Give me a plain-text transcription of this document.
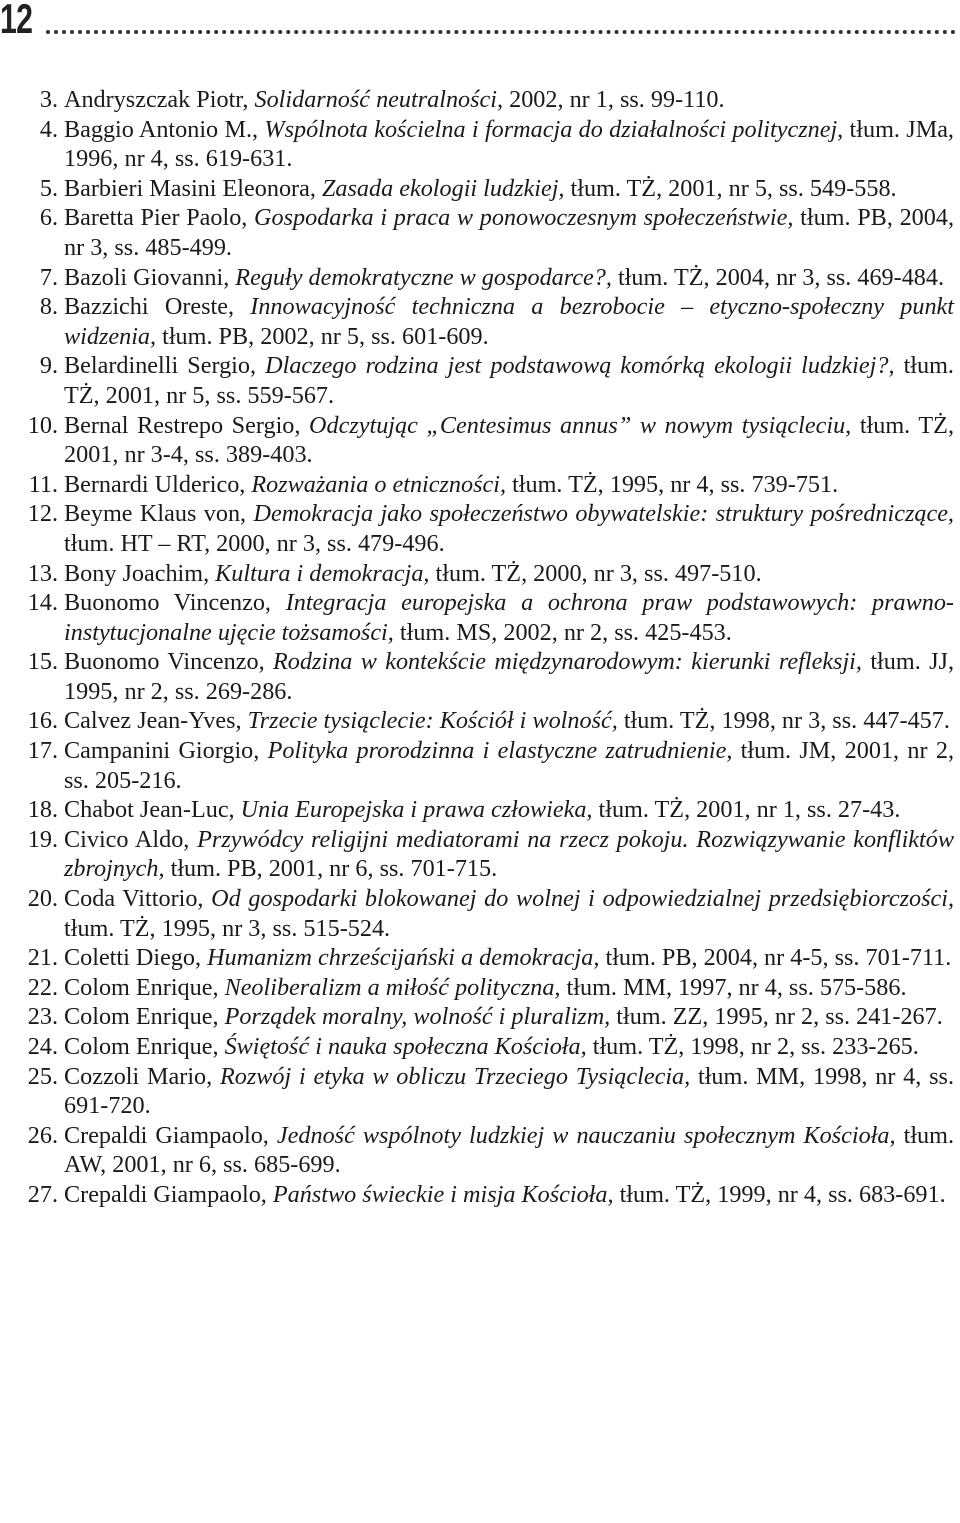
12
3. Andryszczak Piotr, Solidarność neutralności, 2002, nr 1, ss. 99-110.
4. Baggio Antonio M., Wspólnota kościelna i formacja do działalności politycznej, tłum. JMa, 1996, nr 4, ss. 619-631.
5. Barbieri Masini Eleonora, Zasada ekologii ludzkiej, tłum. TŻ, 2001, nr 5, ss. 549-558.
6. Baretta Pier Paolo, Gospodarka i praca w ponowoczesnym społeczeństwie, tłum. PB, 2004, nr 3, ss. 485-499.
7. Bazoli Giovanni, Reguły demokratyczne w gospodarce?, tłum. TŻ, 2004, nr 3, ss. 469-484.
8. Bazzichi Oreste, Innowacyjność techniczna a bezrobocie – etyczno-społeczny punkt widzenia, tłum. PB, 2002, nr 5, ss. 601-609.
9. Belardinelli Sergio, Dlaczego rodzina jest podstawową komórką ekologii ludzkiej?, tłum. TŻ, 2001, nr 5, ss. 559-567.
10. Bernal Restrepo Sergio, Odczytując „Centesimus annus” w nowym tysiącleciu, tłum. TŻ, 2001, nr 3-4, ss. 389-403.
11. Bernardi Ulderico, Rozważania o etniczności, tłum. TŻ, 1995, nr 4, ss. 739-751.
12. Beyme Klaus von, Demokracja jako społeczeństwo obywatelskie: struktury pośredniczące, tłum. HT – RT, 2000, nr 3, ss. 479-496.
13. Bony Joachim, Kultura i demokracja, tłum. TŻ, 2000, nr 3, ss. 497-510.
14. Buonomo Vincenzo, Integracja europejska a ochrona praw podstawowych: prawno-instytucjonalne ujęcie tożsamości, tłum. MS, 2002, nr 2, ss. 425-453.
15. Buonomo Vincenzo, Rodzina w kontekście międzynarodowym: kierunki refleksji, tłum. JJ, 1995, nr 2, ss. 269-286.
16. Calvez Jean-Yves, Trzecie tysiąclecie: Kościół i wolność, tłum. TŻ, 1998, nr 3, ss. 447-457.
17. Campanini Giorgio, Polityka prorodzinna i elastyczne zatrudnienie, tłum. JM, 2001, nr 2, ss. 205-216.
18. Chabot Jean-Luc, Unia Europejska i prawa człowieka, tłum. TŻ, 2001, nr 1, ss. 27-43.
19. Civico Aldo, Przywódcy religijni mediatorami na rzecz pokoju. Rozwiązywanie konfliktów zbrojnych, tłum. PB, 2001, nr 6, ss. 701-715.
20. Coda Vittorio, Od gospodarki blokowanej do wolnej i odpowiedzialnej przedsiębiorczości, tłum. TŻ, 1995, nr 3, ss. 515-524.
21. Coletti Diego, Humanizm chrześcijański a demokracja, tłum. PB, 2004, nr 4-5, ss. 701-711.
22. Colom Enrique, Neoliberalizm a miłość polityczna, tłum. MM, 1997, nr 4, ss. 575-586.
23. Colom Enrique, Porządek moralny, wolność i pluralizm, tłum. ZZ, 1995, nr 2, ss. 241-267.
24. Colom Enrique, Świętość i nauka społeczna Kościoła, tłum. TŻ, 1998, nr 2, ss. 233-265.
25. Cozzoli Mario, Rozwój i etyka w obliczu Trzeciego Tysiąclecia, tłum. MM, 1998, nr 4, ss. 691-720.
26. Crepaldi Giampaolo, Jedność wspólnoty ludzkiej w nauczaniu społecznym Kościoła, tłum. AW, 2001, nr 6, ss. 685-699.
27. Crepaldi Giampaolo, Państwo świeckie i misja Kościoła, tłum. TŻ, 1999, nr 4, ss. 683-691.
